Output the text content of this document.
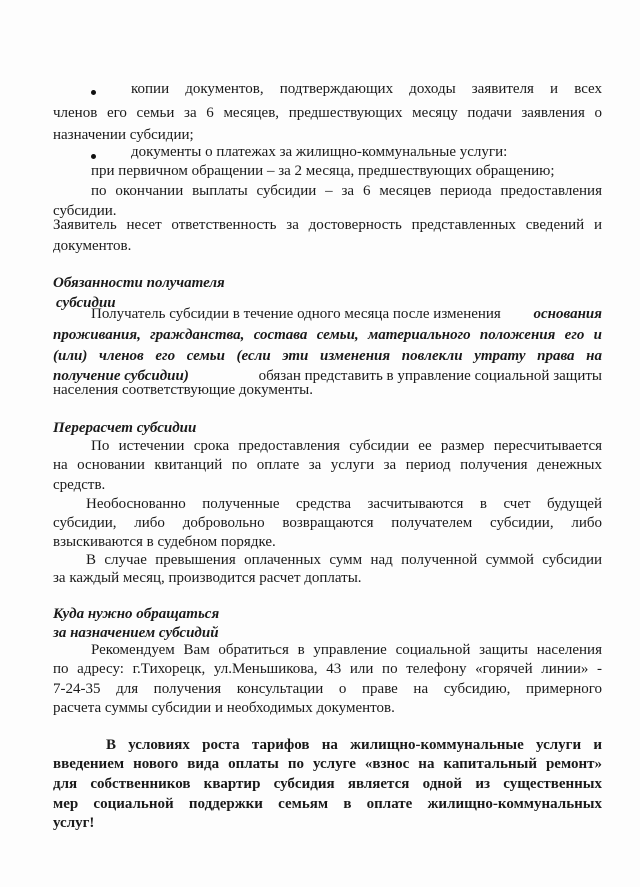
копии документов, подтверждающих доходы заявителя и всех

членов его семьи за 6 месяцев, предшествующих месяцу подачи заявления о

назначении субсидии;

документы о платежах за жилищно-коммунальные услуги:

при первичном обращении – за 2 месяца, предшествующих обращению;

по окончании выплаты субсидии – за 6 месяцев периода предоставления

субсидии.

Заявитель несет ответственность за достоверность представленных сведений и

документов.

Обязанности получателя

субсидии

Получатель субсидии в течение одного месяца после изменения основания

проживания, гражданства, состава семьи, материального положения его и

(или) членов его семьи (если эти изменения повлекли утрату права на

получение субсидии)	обязан представить в управление социальной защиты

населения соответствующие документы.

Перерасчет субсидии

По истечении срока предоставления субсидии ее размер пересчитывается

на основании квитанций по оплате за услуги за период получения денежных

средств.

Необоснованно полученные средства засчитываются в счет будущей

субсидии, либо добровольно возвращаются получателем субсидии, либо

взыскиваются в судебном порядке.

В случае превышения оплаченных сумм над полученной суммой субсидии

за каждый месяц, производится расчет доплаты.

Куда нужно обращаться

за назначением субсидий

Рекомендуем Вам обратиться в управление социальной защиты населения

по адресу: г.Тихорецк, ул.Меньшикова, 43 или по телефону «горячей линии» -

7-24-35 для получения консультации о праве на субсидию, примерного

расчета суммы субсидии и необходимых документов.

В условиях роста тарифов на жилищно-коммунальные услуги и

введением нового вида оплаты по услуге «взнос на капитальный ремонт»

для собственников квартир субсидия является одной из существенных

мер социальной поддержки семьям в оплате жилищно-коммунальных

услуг!
